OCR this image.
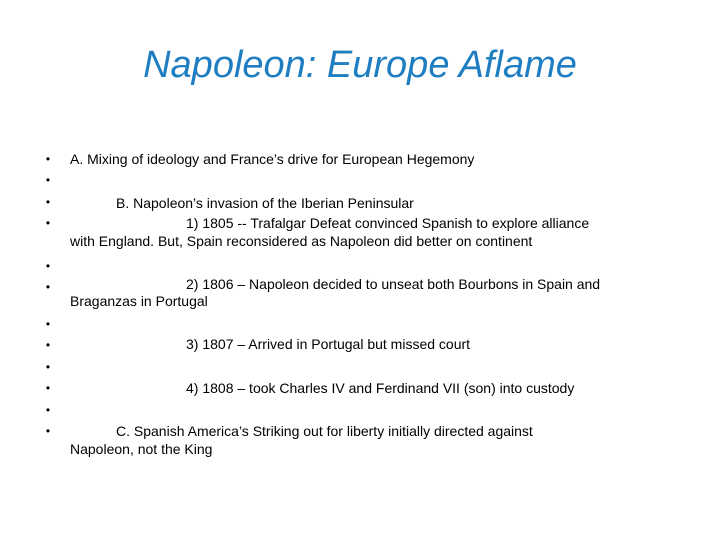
Napoleon: Europe Aflame
•
•
•
•
•
•
•
•
•
•
•
•
A. Mixing of ideology and France’s drive for European Hegemony
B. Napoleon’s invasion of the Iberian Peninsular
1) 1805 -- Trafalgar Defeat convinced Spanish to explore alliance
with England. But, Spain reconsidered as Napoleon did better on continent
2) 1806 – Napoleon decided to unseat both Bourbons in Spain and
Braganzas in Portugal
3) 1807 – Arrived in Portugal but missed court
4) 1808 – took Charles IV and Ferdinand VII (son) into custody
C. Spanish America’s Striking out for liberty initially directed against
Napoleon, not the King
